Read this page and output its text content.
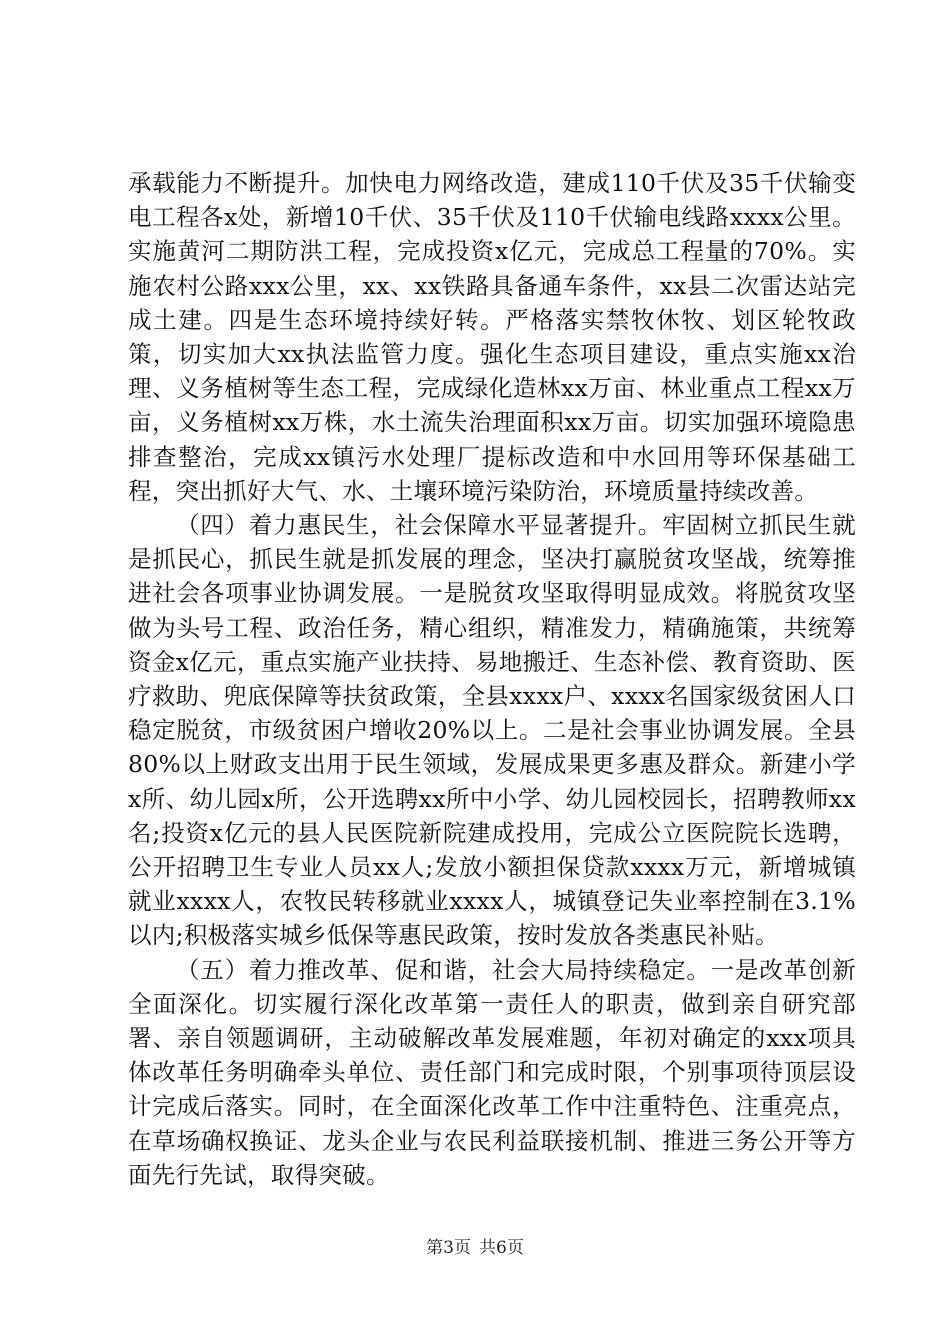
承载能力不断提升。加快电力网络改造，建成110千伏及35千伏输变电工程各x处，新增10千伏、35千伏及110千伏输电线路xxxx公里。实施黄河二期防洪工程，完成投资x亿元，完成总工程量的70%。实施农村公路xxx公里，xx、xx铁路具备通车条件，xx县二次雷达站完成土建。四是生态环境持续好转。严格落实禁牧休牧、划区轮牧政策，切实加大xx执法监管力度。强化生态项目建设，重点实施xx治理、义务植树等生态工程，完成绿化造林xx万亩、林业重点工程xx万亩，义务植树xx万株，水土流失治理面积xx万亩。切实加强环境隐患排查整治，完成xx镇污水处理厂提标改造和中水回用等环保基础工程，突出抓好大气、水、土壤环境污染防治，环境质量持续改善。

（四）着力惠民生，社会保障水平显著提升。牢固树立抓民生就是抓民心，抓民生就是抓发展的理念，坚决打赢脱贫攻坚战，统筹推进社会各项事业协调发展。一是脱贫攻坚取得明显成效。将脱贫攻坚做为头号工程、政治任务，精心组织，精准发力，精确施策，共统筹资金x亿元，重点实施产业扶持、易地搬迁、生态补偿、教育资助、医疗救助、兜底保障等扶贫政策，全县xxxx户、xxxx名国家级贫困人口稳定脱贫，市级贫困户增收20%以上。二是社会事业协调发展。全县80%以上财政支出用于民生领域，发展成果更多惠及群众。新建小学x所、幼儿园x所，公开选聘xx所中小学、幼儿园校园长，招聘教师xx名;投资x亿元的县人民医院新院建成投用，完成公立医院院长选聘，公开招聘卫生专业人员xx人;发放小额担保贷款xxxx万元，新增城镇就业xxxx人，农牧民转移就业xxxx人，城镇登记失业率控制在3.1%以内;积极落实城乡低保等惠民政策，按时发放各类惠民补贴。

（五）着力推改革、促和谐，社会大局持续稳定。一是改革创新全面深化。切实履行深化改革第一责任人的职责，做到亲自研究部署、亲自领题调研，主动破解改革发展难题，年初对确定的xxx项具体改革任务明确牵头单位、责任部门和完成时限，个别事项待顶层设计完成后落实。同时，在全面深化改革工作中注重特色、注重亮点，在草场确权换证、龙头企业与农民利益联接机制、推进三务公开等方面先行先试，取得突破。

第3页 共6页
